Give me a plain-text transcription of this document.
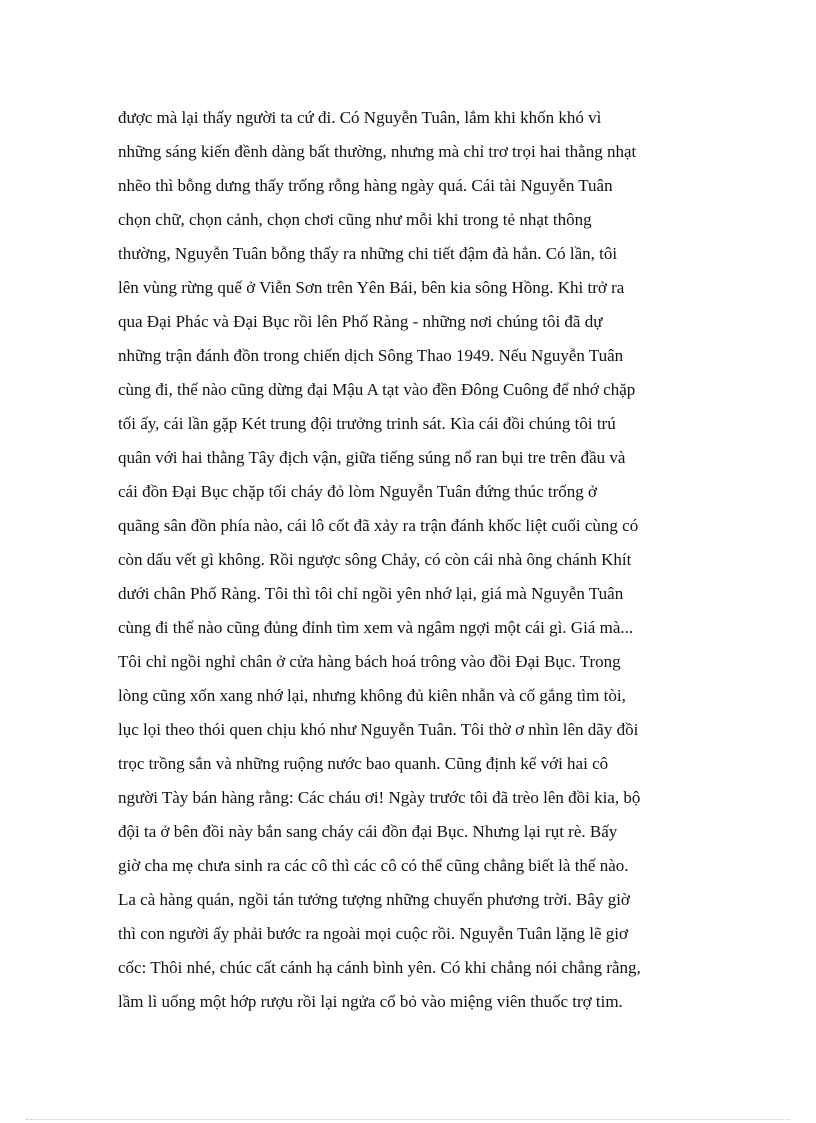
được mà lại thấy người ta cứ đi. Có Nguyễn Tuân, lắm khi khốn khó vì
những sáng kiến đềnh dàng bất thường, nhưng mà chỉ trơ trọi hai thằng nhạt
nhẽo thì bỗng dưng thấy trống rỗng hàng ngày quá. Cái tài Nguyễn Tuân
chọn chữ, chọn cảnh, chọn chơi cũng như mỗi khi trong tẻ nhạt thông
thường, Nguyễn Tuân bỗng thấy ra những chi tiết đậm đà hẳn. Có lần, tôi
lên vùng rừng quế ở Viễn Sơn trên Yên Bái, bên kia sông Hồng. Khi trở ra
qua Đại Phác và Đại Bục rồi lên Phố Ràng - những nơi chúng tôi đã dự
những trận đánh đồn trong chiến dịch Sông Thao 1949. Nếu Nguyễn Tuân
cùng đi, thế nào cũng dừng đại Mậu A tạt vào đền Đông Cuông để nhớ chặp
tối ấy, cái lần gặp Két trung đội trưởng trinh sát. Kìa cái đồi chúng tôi trú
quân với hai thằng Tây địch vận, giữa tiếng súng nổ ran bụi tre trên đầu và
cái đồn Đại Bục chặp tối cháy đỏ lòm Nguyễn Tuân đứng thúc trống ở
quãng sân đồn phía nào, cái lô cốt đã xảy ra trận đánh khốc liệt cuối cùng có
còn dấu vết gì không. Rồi ngược sông Chảy, có còn cái nhà ông chánh Khít
dưới chân Phố Ràng. Tôi thì tôi chỉ ngồi yên nhớ lại, giá mà Nguyễn Tuân
cùng đi thế nào cũng đủng đỉnh tìm xem và ngâm ngợi một cái gì. Giá mà...
Tôi chỉ ngồi nghỉ chân ở cửa hàng bách hoá trông vào đồi Đại Bục. Trong
lòng cũng xốn xang nhớ lại, nhưng không đủ kiên nhẫn và cố gắng tìm tòi,
lục lọi theo thói quen chịu khó như Nguyễn Tuân. Tôi thờ ơ nhìn lên dãy đồi
trọc trồng sắn và những ruộng nước bao quanh. Cũng định kể với hai cô
người Tày bán hàng rằng: Các cháu ơi! Ngày trước tôi đã trèo lên đồi kia, bộ
đội ta ở bên đồi này bắn sang cháy cái đồn đại Bục. Nhưng lại rụt rè. Bấy
giờ cha mẹ chưa sinh ra các cô thì các cô có thể cũng chẳng biết là thế nào.
La cà hàng quán, ngồi tán tưởng tượng những chuyến phương trời. Bây giờ
thì con người ấy phải bước ra ngoài mọi cuộc rồi. Nguyễn Tuân lặng lẽ giơ
cốc: Thôi nhé, chúc cất cánh hạ cánh bình yên. Có khi chẳng nói chẳng rằng,
lầm lì uống một hớp rượu rồi lại ngửa cổ bỏ vào miệng viên thuốc trợ tim.
